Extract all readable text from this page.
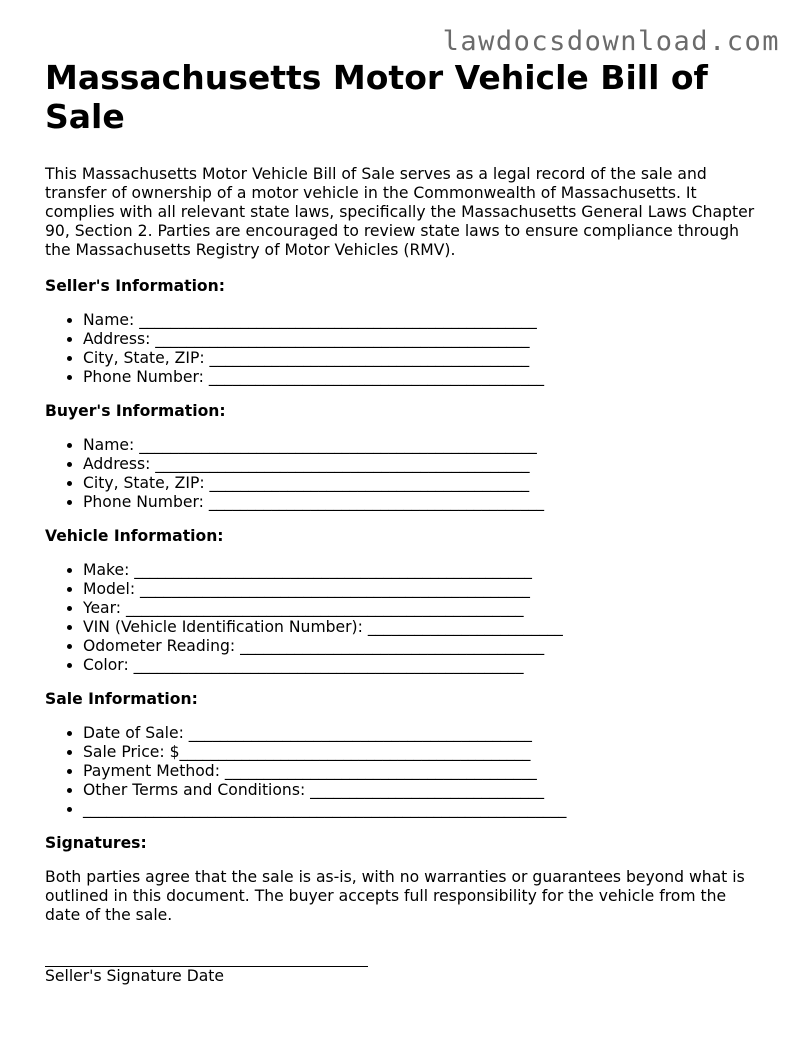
lawdocsdownload.com
Massachusetts Motor Vehicle Bill of Sale

This Massachusetts Motor Vehicle Bill of Sale serves as a legal record of the sale and transfer of ownership of a motor vehicle in the Commonwealth of Massachusetts. It complies with all relevant state laws, specifically the Massachusetts General Laws Chapter 90, Section 2. Parties are encouraged to review state laws to ensure compliance through the Massachusetts Registry of Motor Vehicles (RMV).

Seller's Information:
• Name: ___________________________________________________
• Address: ________________________________________________
• City, State, ZIP: _________________________________________
• Phone Number: ___________________________________________
Buyer's Information:
• Name: ___________________________________________________
• Address: ________________________________________________
• City, State, ZIP: _________________________________________
• Phone Number: ___________________________________________
Vehicle Information:
• Make: ___________________________________________________
• Model: __________________________________________________
• Year: ___________________________________________________
• VIN (Vehicle Identification Number): _________________________
• Odometer Reading: _______________________________________
• Color: __________________________________________________
Sale Information:
• Date of Sale: ____________________________________________
• Sale Price: $_____________________________________________
• Payment Method: ________________________________________
• Other Terms and Conditions: ______________________________
• ______________________________________________________________
Signatures:

Both parties agree that the sale is as-is, with no warranties or guarantees beyond what is outlined in this document. The buyer accepts full responsibility for the vehicle from the date of the sale.

Seller's Signature Date
